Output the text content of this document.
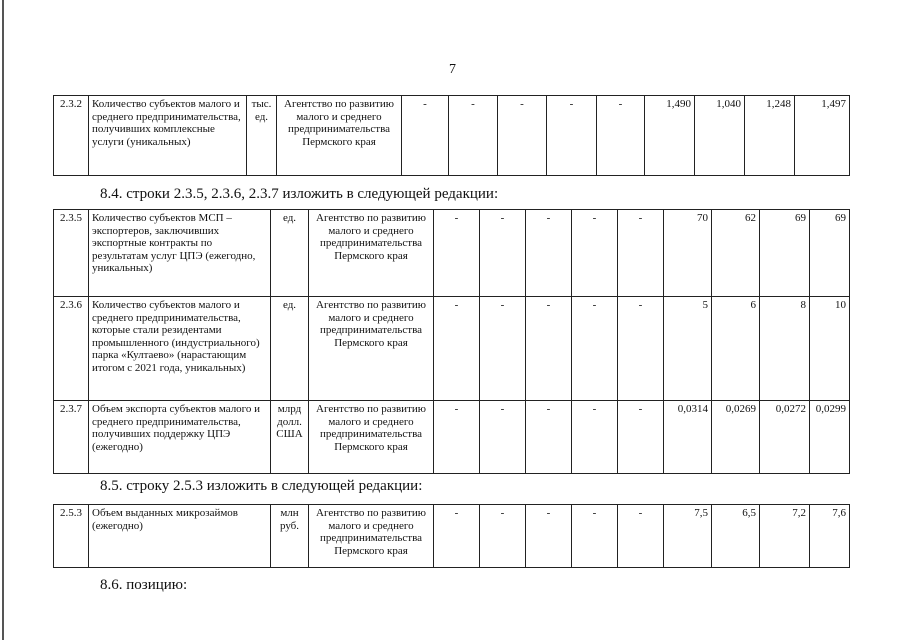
7
2.3.2	Количество субъектов малого и среднего предпринимательства, получивших комплексные услуги (уникальных)	тыс. ед.	Агентство по развитию малого и среднего предпринимательства Пермского края	-	-	-	-	-	1,490	1,040	1,248	1,497
8.4. строки 2.3.5, 2.3.6, 2.3.7 изложить в следующей редакции:
2.3.5	Количество субъектов МСП – экспортеров, заключивших экспортные контракты по результатам услуг ЦПЭ (ежегодно, уникальных)	ед.	Агентство по развитию малого и среднего предпринимательства Пермского края	-	-	-	-	-	70	62	69	69
2.3.6	Количество субъектов малого и среднего предпринимательства, которые стали резидентами промышленного (индустриального) парка «Култаево» (нарастающим итогом с 2021 года, уникальных)	ед.	Агентство по развитию малого и среднего предпринимательства Пермского края	-	-	-	-	-	5	6	8	10
2.3.7	Объем экспорта субъектов малого и среднего предпринимательства, получивших поддержку ЦПЭ (ежегодно)	млрд долл. США	Агентство по развитию малого и среднего предпринимательства Пермского края	-	-	-	-	-	0,0314	0,0269	0,0272	0,0299
8.5. строку 2.5.3 изложить в следующей редакции:
2.5.3	Объем выданных микрозаймов (ежегодно)	млн руб.	Агентство по развитию малого и среднего предпринимательства Пермского края	-	-	-	-	-	7,5	6,5	7,2	7,6
8.6. позицию:
